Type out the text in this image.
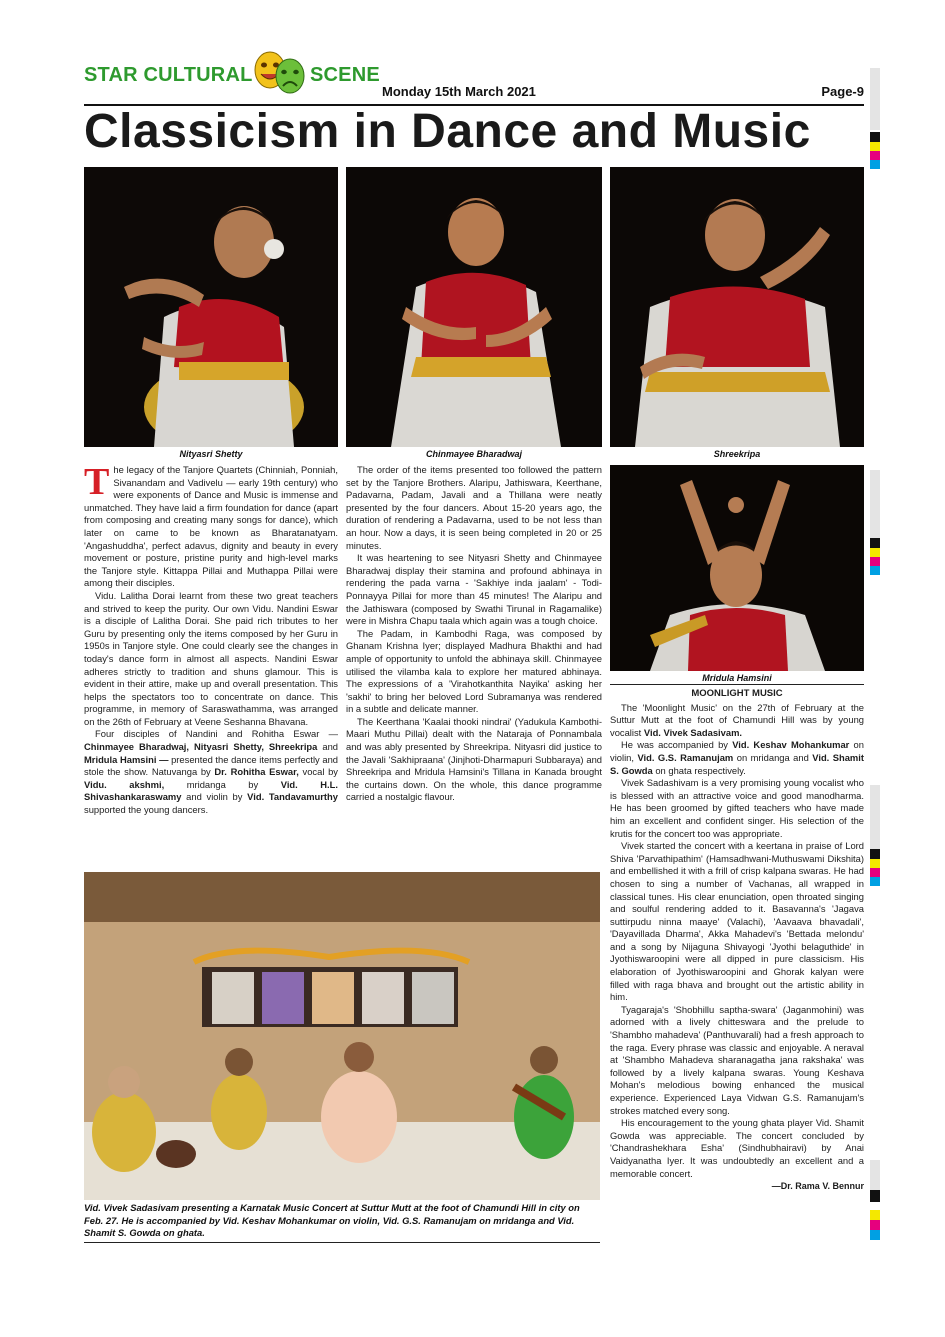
STAR CULTURAL	SCENE
Monday 15th March 2021	Page-9
Classicism in Dance and Music
Nityasri Shetty	Chinmayee Bharadwaj	Shreekripa
Mridula Hamsini

The legacy of the Tanjore Quartets (Chinniah, Ponniah, Sivanandam and Vadivelu — early 19th century) who were exponents of Dance and Music is immense and unmatched. They have laid a firm foundation for dance (apart from composing and creating many songs for dance), which later on came to be known as Bharatanatyam. 'Angashuddha', perfect adavus, dignity and beauty in every movement or posture, pristine purity and high-level marks the Tanjore style. Kittappa Pillai and Muthappa Pillai were among their disciples.

Vidu. Lalitha Dorai learnt from these two great teachers and strived to keep the purity. Our own Vidu. Nandini Eswar is a disciple of Lalitha Dorai. She paid rich tributes to her Guru by presenting only the items composed by her Guru in 1950s in Tanjore style. One could clearly see the changes in today's dance form in almost all aspects. Nandini Eswar adheres strictly to tradition and shuns glamour. This is evident in their attire, make up and overall presentation. This helps the spectators too to concentrate on dance. This programme, in memory of Saraswathamma, was arranged on the 26th of February at Veene Seshanna Bhavana.

Four disciples of Nandini and Rohitha Eswar — Chinmayee Bharadwaj, Nityasri Shetty, Shreekripa and Mridula Hamsini — presented the dance items perfectly and stole the show. Natuvanga by Dr. Rohitha Eswar, vocal by Vidu. akshmi, mridanga by Vid. H.L. Shivashankaraswamy and violin by Vid. Tandavamurthy supported the young dancers.

The order of the items presented too followed the pattern set by the Tanjore Brothers. Alaripu, Jathiswara, Keerthane, Padavarna, Padam, Javali and a Thillana were neatly presented by the four dancers. About 15-20 years ago, the duration of rendering a Padavarna, used to be not less than an hour. Now a days, it is seen being completed in 20 or 25 minutes.

It was heartening to see Nityasri Shetty and Chinmayee Bharadwaj display their stamina and profound abhinaya in rendering the pada varna - 'Sakhiye inda jaalam' - Todi-Ponnayya Pillai for more than 45 minutes! The Alaripu and the Jathiswara (composed by Swathi Tirunal in Ragamalike) were in Mishra Chapu taala which again was a tough choice.

The Padam, in Kambodhi Raga, was composed by Ghanam Krishna Iyer; displayed Madhura Bhakthi and had ample of opportunity to unfold the abhinaya skill. Chinmayee utilised the vilamba kala to explore her matured abhinaya. The expressions of a 'Virahotkanthita Nayika' asking her 'sakhi' to bring her beloved Lord Subramanya was rendered in a subtle and delicate manner.

The Keerthana 'Kaalai thooki nindrai' (Yadukula Kambothi-Maari Muthu Pillai) dealt with the Nataraja of Ponnambala and was ably presented by Shreekripa. Nityasri did justice to the Javali 'Sakhipraana' (Jinjhoti-Dharmapuri Subbaraya) and Shreekripa and Mridula Hamsini's Tillana in Kanada brought the curtains down. On the whole, this dance programme carried a nostalgic flavour.

MOONLIGHT MUSIC

The 'Moonlight Music' on the 27th of February at the Suttur Mutt at the foot of Chamundi Hill was by young vocalist Vid. Vivek Sadasivam.

He was accompanied by Vid. Keshav Mohankumar on violin, Vid. G.S. Ramanujam on mridanga and Vid. Shamit S. Gowda on ghata respectively.

Vivek Sadashivam is a very promising young vocalist who is blessed with an attractive voice and good manodharma. He has been groomed by gifted teachers who have made him an excellent and confident singer. His selection of the krutis for the concert too was appropriate.

Vivek started the concert with a keertana in praise of Lord Shiva 'Parvathipathim' (Hamsadhwani-Muthuswami Dikshita) and embellished it with a frill of crisp kalpana swaras. He had chosen to sing a number of Vachanas, all wrapped in classical tunes. His clear enunciation, open throated singing and soulful rendering added to it. Basavanna's 'Jagava suttirpudu ninna maaye' (Valachi), 'Aavaava bhavadali', 'Dayavillada Dharma', Akka Mahadevi's 'Bettada melondu' and a song by Nijaguna Shivayogi 'Jyothi belaguthide' in Jyothiswaroopini were all dipped in pure classicism. His elaboration of Jyothiswaroopini and Ghorak kalyan were filled with raga bhava and brought out the artistic ability in him.

Tyagaraja's 'Shobhillu saptha-swara' (Jaganmohini) was adorned with a lively chitteswara and the prelude to 'Shambho mahadeva' (Panthuvarali) had a fresh approach to the raga. Every phrase was classic and enjoyable. A neraval at 'Shambho Mahadeva sharanagatha jana rakshaka' was followed by a lively kalpana swaras. Young Keshava Mohan's melodious bowing enhanced the musical experience. Experienced Laya Vidwan G.S. Ramanujam's strokes matched every song.

His encouragement to the young ghata player Vid. Shamit Gowda was appreciable. The concert concluded by 'Chandrashekhara Esha' (Sindhubhairavi) by Anai Vaidyanatha Iyer. It was undoubtedly an excellent and a memorable concert.

—Dr. Rama V. Bennur

Vid. Vivek Sadasivam presenting a Karnatak Music Concert at Suttur Mutt at the foot of Chamundi Hill in city on Feb. 27. He is accompanied by Vid. Keshav Mohankumar on violin, Vid. G.S. Ramanujam on mridanga and Vid. Shamit S. Gowda on ghata.
